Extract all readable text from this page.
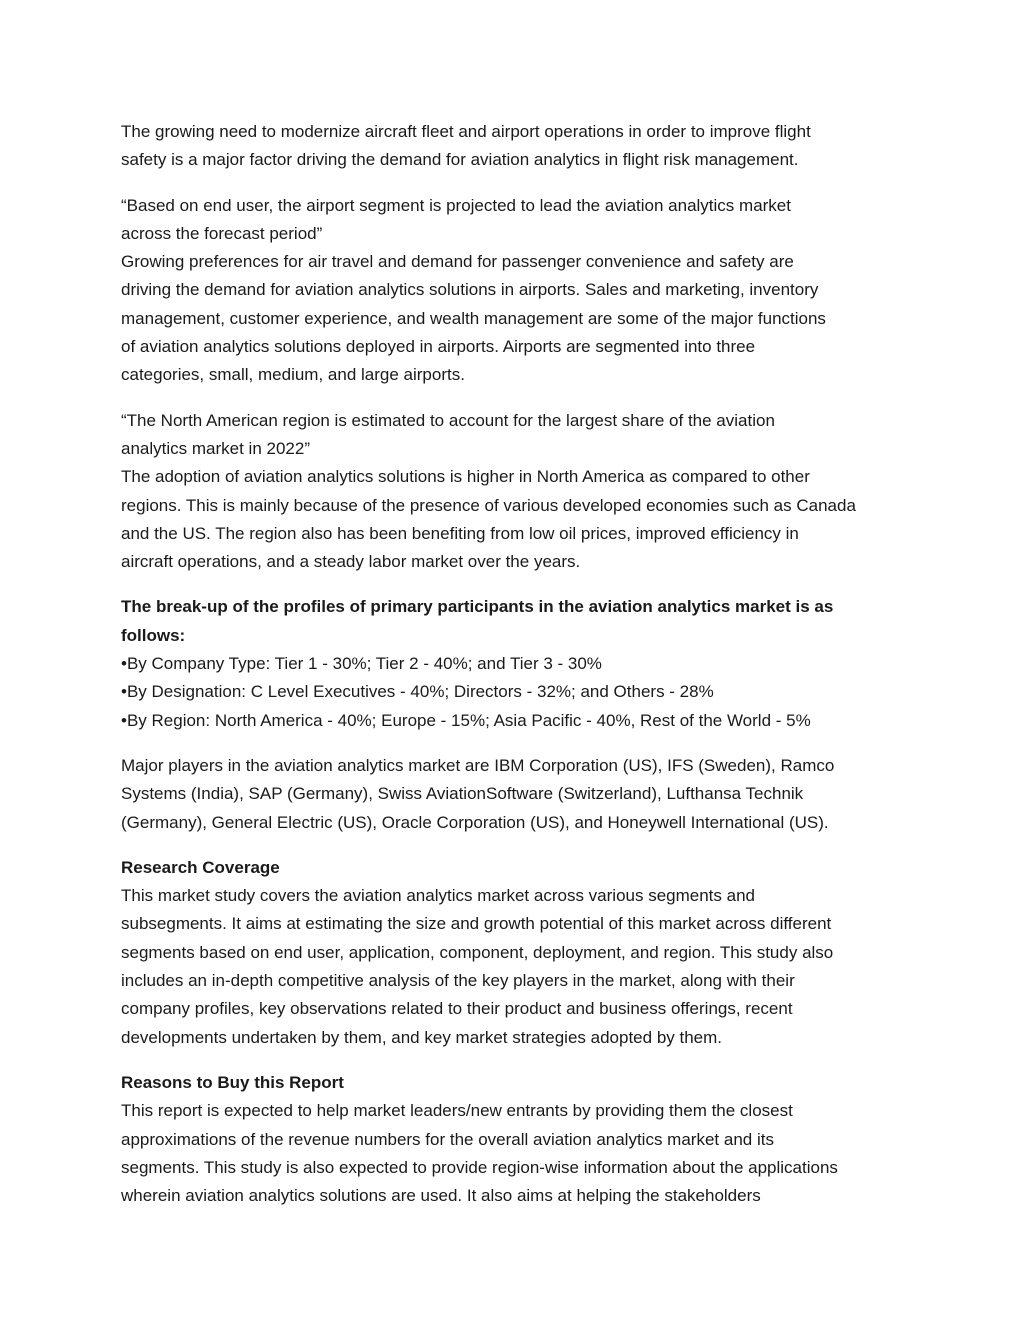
The growing need to modernize aircraft fleet and airport operations in order to improve flight
safety is a major factor driving the demand for aviation analytics in flight risk management.

“Based on end user, the airport segment is projected to lead the aviation analytics market
across the forecast period”
Growing preferences for air travel and demand for passenger convenience and safety are
driving the demand for aviation analytics solutions in airports. Sales and marketing, inventory
management, customer experience, and wealth management are some of the major functions
of aviation analytics solutions deployed in airports. Airports are segmented into three
categories, small, medium, and large airports.

“The North American region is estimated to account for the largest share of the aviation
analytics market in 2022”
The adoption of aviation analytics solutions is higher in North America as compared to other
regions. This is mainly because of the presence of various developed economies such as Canada
and the US. The region also has been benefiting from low oil prices, improved efficiency in
aircraft operations, and a steady labor market over the years.

The break-up of the profiles of primary participants in the aviation analytics market is as
follows:
•By Company Type: Tier 1 - 30%; Tier 2 - 40%; and Tier 3 - 30%
•By Designation: C Level Executives - 40%; Directors - 32%; and Others - 28%
•By Region: North America - 40%; Europe - 15%; Asia Pacific - 40%, Rest of the World - 5%

Major players in the aviation analytics market are IBM Corporation (US), IFS (Sweden), Ramco
Systems (India), SAP (Germany), Swiss AviationSoftware (Switzerland), Lufthansa Technik
(Germany), General Electric (US), Oracle Corporation (US), and Honeywell International (US).

Research Coverage
This market study covers the aviation analytics market across various segments and
subsegments. It aims at estimating the size and growth potential of this market across different
segments based on end user, application, component, deployment, and region. This study also
includes an in-depth competitive analysis of the key players in the market, along with their
company profiles, key observations related to their product and business offerings, recent
developments undertaken by them, and key market strategies adopted by them.

Reasons to Buy this Report
This report is expected to help market leaders/new entrants by providing them the closest
approximations of the revenue numbers for the overall aviation analytics market and its
segments. This study is also expected to provide region-wise information about the applications
wherein aviation analytics solutions are used. It also aims at helping the stakeholders
